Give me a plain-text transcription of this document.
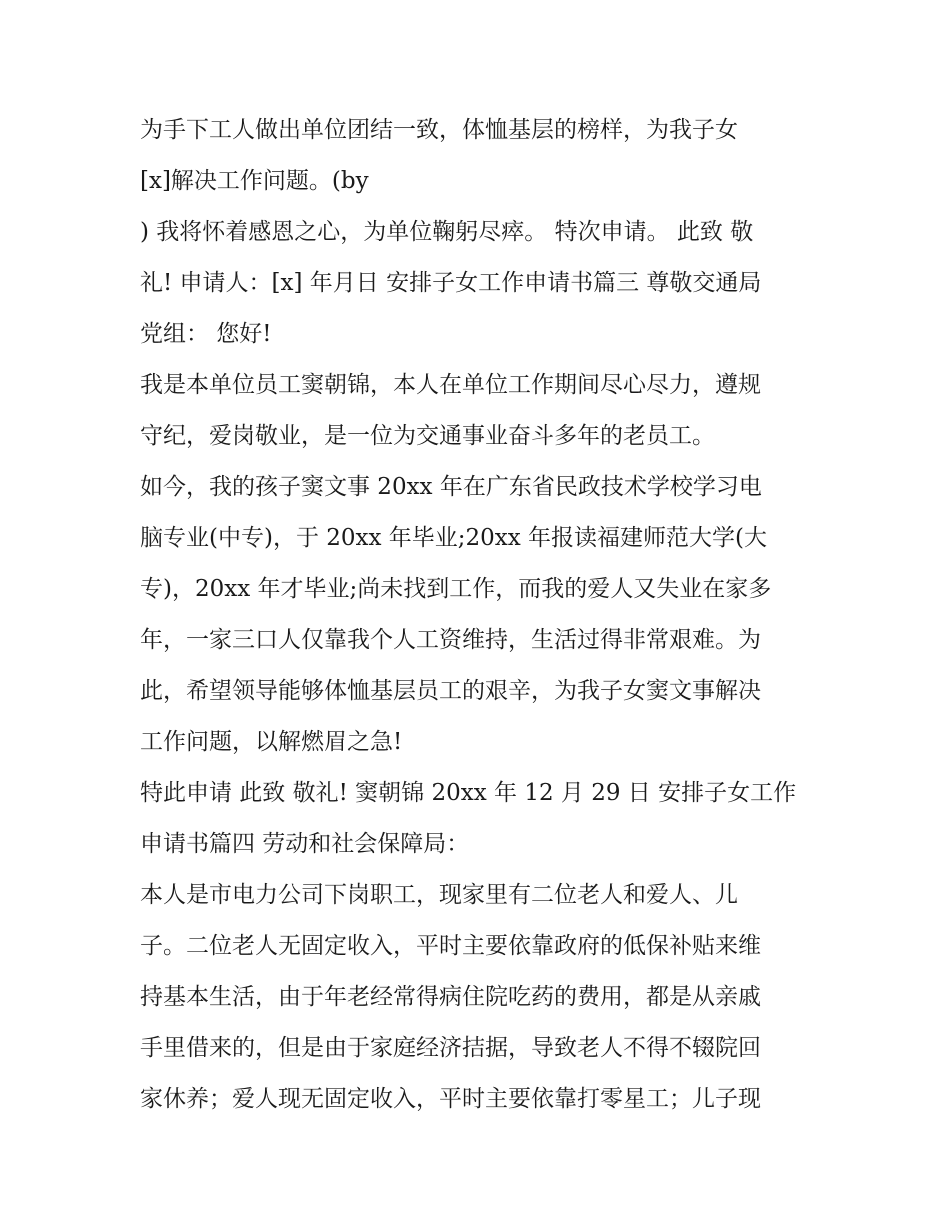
为手下工人做出单位团结一致，体恤基层的榜样，为我子女
[x]解决工作问题。(by
) 我将怀着感恩之心，为单位鞠躬尽瘁。 特次申请。 此致 敬
礼! 申请人：[x] 年月日 安排子女工作申请书篇三 尊敬交通局
党组： 您好!
我是本单位员工窦朝锦，本人在单位工作期间尽心尽力，遵规
守纪，爱岗敬业，是一位为交通事业奋斗多年的老员工。
如今，我的孩子窦文事 20xx 年在广东省民政技术学校学习电
脑专业(中专)，于 20xx 年毕业;20xx 年报读福建师范大学(大
专)，20xx 年才毕业;尚未找到工作，而我的爱人又失业在家多
年，一家三口人仅靠我个人工资维持，生活过得非常艰难。为
此，希望领导能够体恤基层员工的艰辛，为我子女窦文事解决
工作问题，以解燃眉之急!
特此申请 此致 敬礼! 窦朝锦 20xx 年 12 月 29 日 安排子女工作
申请书篇四 劳动和社会保障局：
本人是市电力公司下岗职工，现家里有二位老人和爱人、儿
子。二位老人无固定收入，平时主要依靠政府的低保补贴来维
持基本生活，由于年老经常得病住院吃药的费用，都是从亲戚
手里借来的，但是由于家庭经济拮据，导致老人不得不辍院回
家休养；爱人现无固定收入，平时主要依靠打零星工；儿子现
